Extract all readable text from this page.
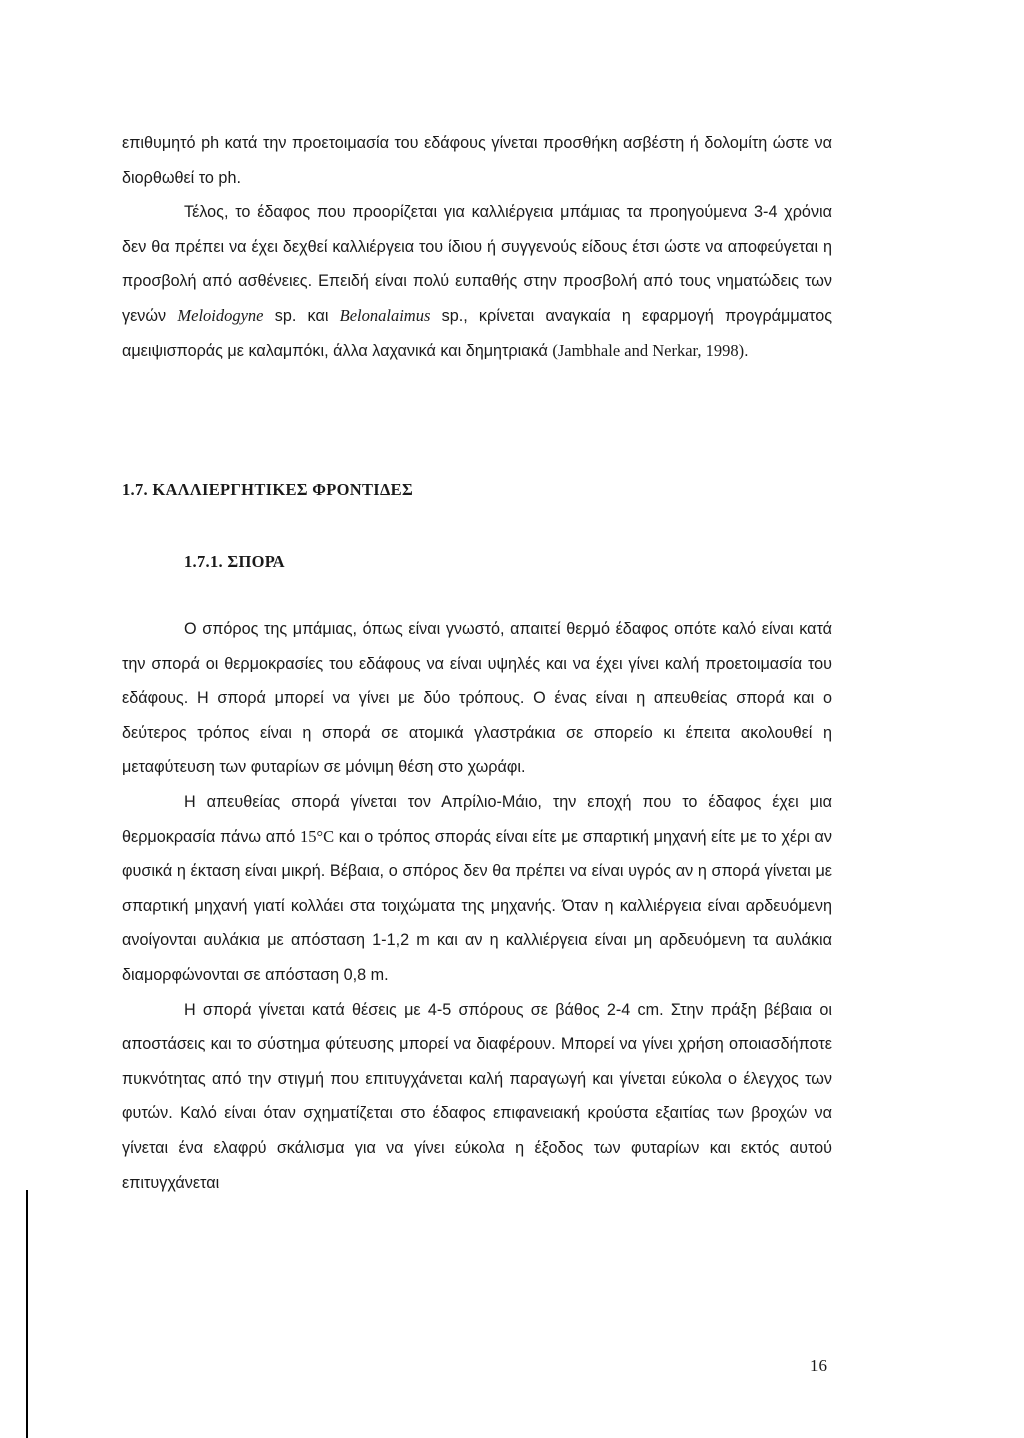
επιθυμητό ph κατά την προετοιμασία του εδάφους γίνεται προσθήκη ασβέστη ή δολομίτη ώστε να διορθωθεί το ph.

Τέλος, το έδαφος που προορίζεται για καλλιέργεια μπάμιας τα προηγούμενα 3-4 χρόνια δεν θα πρέπει να έχει δεχθεί καλλιέργεια του ίδιου ή συγγενούς είδους έτσι ώστε να αποφεύγεται η προσβολή από ασθένειες. Επειδή είναι πολύ ευπαθής στην προσβολή από τους νηματώδεις των γενών Meloidogyne sp. και Belonalaimus sp., κρίνεται αναγκαία η εφαρμογή προγράμματος αμειψισποράς με καλαμπόκι, άλλα λαχανικά και δημητριακά (Jambhale and Nerkar, 1998).

1.7. ΚΑΛΛΙΕΡΓΗΤΙΚΕΣ ΦΡΟΝΤΙΔΕΣ
1.7.1. ΣΠΟΡΑ

Ο σπόρος της μπάμιας, όπως είναι γνωστό, απαιτεί θερμό έδαφος οπότε καλό είναι κατά την σπορά οι θερμοκρασίες του εδάφους να είναι υψηλές και να έχει γίνει καλή προετοιμασία του εδάφους. Η σπορά μπορεί να γίνει με δύο τρόπους. Ο ένας είναι η απευθείας σπορά και ο δεύτερος τρόπος είναι η σπορά σε ατομικά γλαστράκια σε σπορείο κι έπειτα ακολουθεί η μεταφύτευση των φυταρίων σε μόνιμη θέση στο χωράφι.

Η απευθείας σπορά γίνεται τον Απρίλιο-Μάιο, την εποχή που το έδαφος έχει μια θερμοκρασία πάνω από 15°C και ο τρόπος σποράς είναι είτε με σπαρτική μηχανή είτε με το χέρι αν φυσικά η έκταση είναι μικρή. Βέβαια, ο σπόρος δεν θα πρέπει να είναι υγρός αν η σπορά γίνεται με σπαρτική μηχανή γιατί κολλάει στα τοιχώματα της μηχανής. Όταν η καλλιέργεια είναι αρδευόμενη ανοίγονται αυλάκια με απόσταση 1-1,2 m και αν η καλλιέργεια είναι μη αρδευόμενη τα αυλάκια διαμορφώνονται σε απόσταση 0,8 m.

Η σπορά γίνεται κατά θέσεις με 4-5 σπόρους σε βάθος 2-4 cm. Στην πράξη βέβαια οι αποστάσεις και το σύστημα φύτευσης μπορεί να διαφέρουν. Μπορεί να γίνει χρήση οποιασδήποτε πυκνότητας από την στιγμή που επιτυγχάνεται καλή παραγωγή και γίνεται εύκολα ο έλεγχος των φυτών. Καλό είναι όταν σχηματίζεται στο έδαφος επιφανειακή κρούστα εξαιτίας των βροχών να γίνεται ένα ελαφρύ σκάλισμα για να γίνει εύκολα η έξοδος των φυταρίων και εκτός αυτού επιτυγχάνεται

16
